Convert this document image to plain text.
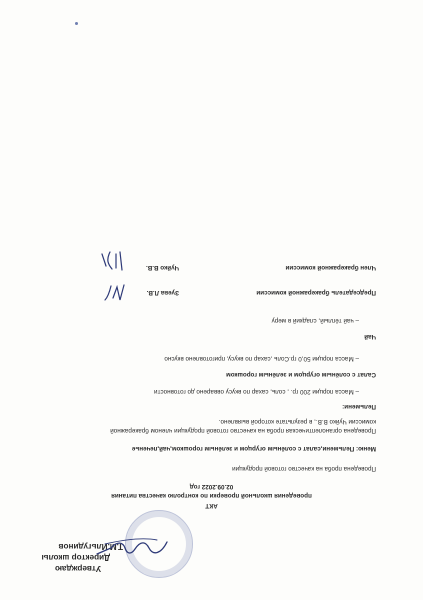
Утверждаю
Директор школы
Т.М.Ильгудинов
АКТ
проведения школьной проверки по контролю качества питания
02.09.2022 год
Проведена проба на качество готовой продукции
Меню: Пельмени,салат с солёным огурцом и зелёным горошком,чай,печенье
Проведена органолептическая проба на качество готовой продукции членом бракеражной
комиссии Чуйко В.В., в результате которой выявлено.
Пельмени:
– Масса порции 200 гр. , соль, сахар по вкусу овварено до готовности
Салат с солёным огурцом и зелёным горошком
– Масса порции 50,0 гр.Соль ,сахар по вкусу, приготовлено вкусно
Чай
– чай тёплый, сладкий в меру
Председатель бракеражной комиссии
Зуева Л.В.
Член бракеражной комиссии
Чуйко В.В.
